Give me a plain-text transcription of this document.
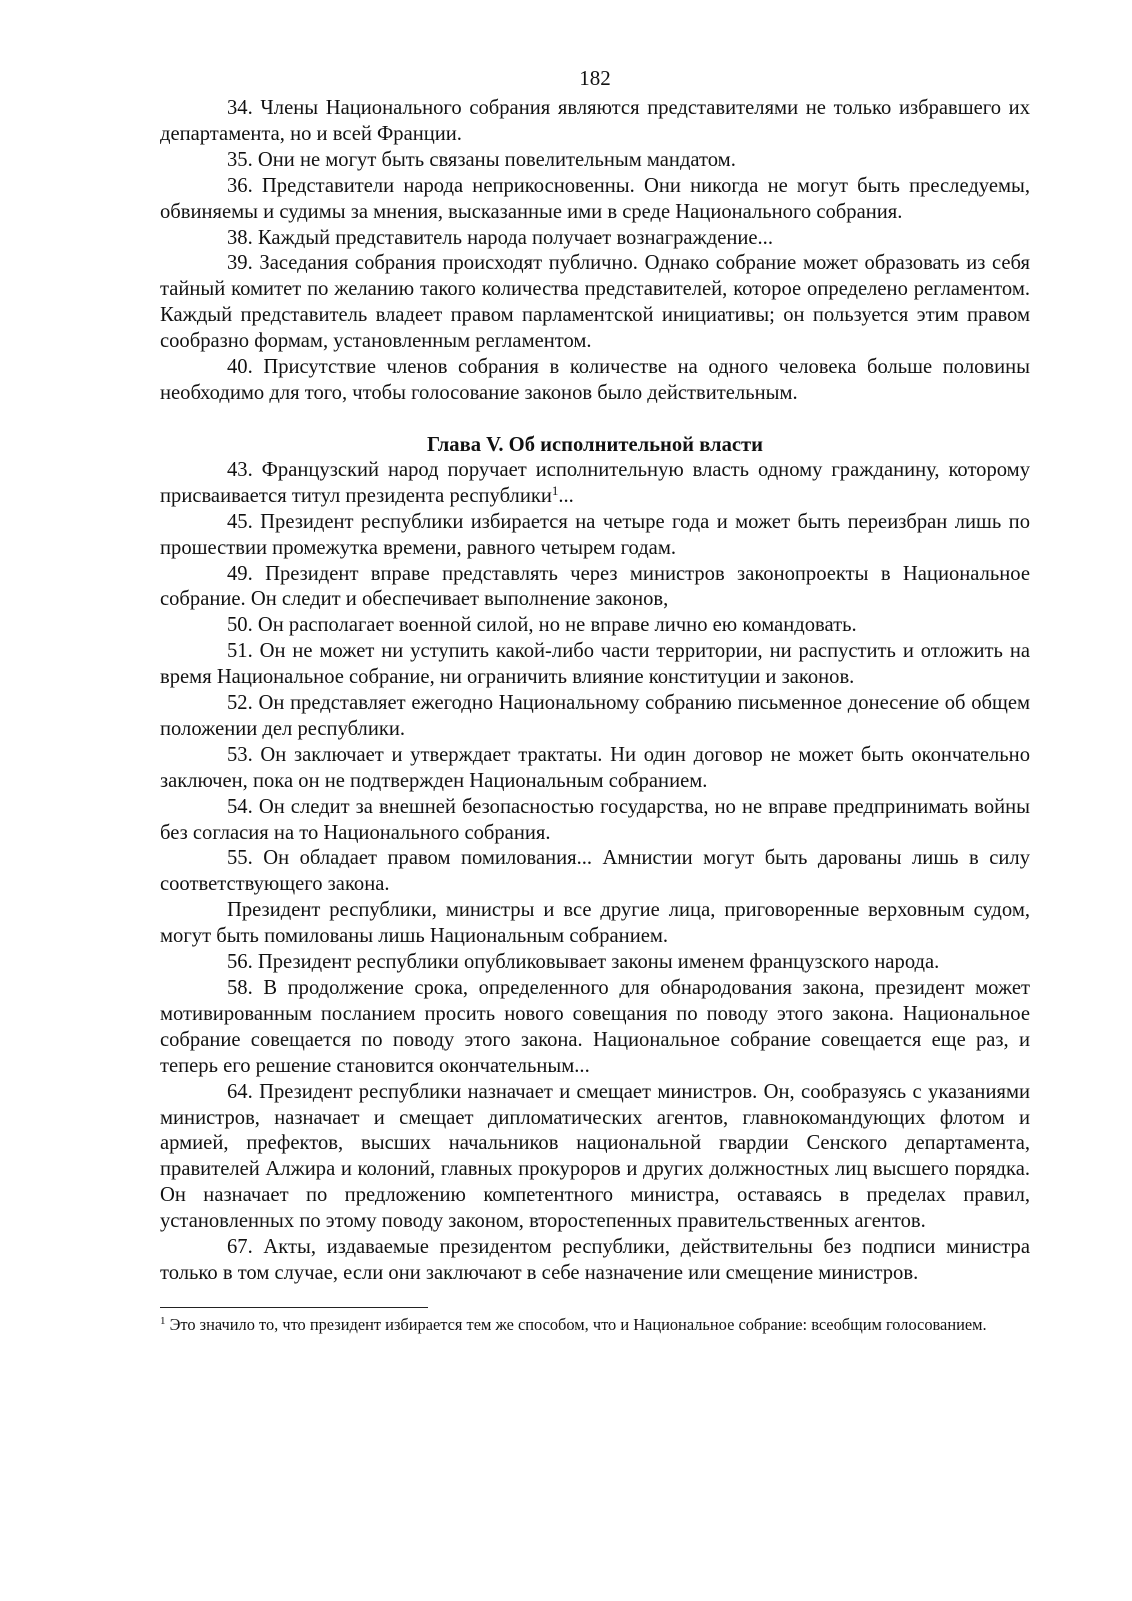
182

34. Члены Национального собрания являются представителями не только избравшего их департамента, но и всей Франции.

35. Они не могут быть связаны повелительным мандатом.

36. Представители народа неприкосновенны. Они никогда не могут быть преследуемы, обвиняемы и судимы за мнения, высказанные ими в среде Национального собрания.

38. Каждый представитель народа получает вознаграждение...

39. Заседания собрания происходят публично. Однако собрание может образовать из себя тайный комитет по желанию такого количества представителей, которое определено регламентом. Каждый представитель владеет правом парламентской инициативы; он пользуется этим правом сообразно формам, установленным регламентом.

40. Присутствие членов собрания в количестве на одного человека больше половины необходимо для того, чтобы голосование законов было действительным.

Глава V. Об исполнительной власти

43. Французский народ поручает исполнительную власть одному гражданину, которому присваивается титул президента республики$^1$...

45. Президент республики избирается на четыре года и может быть переизбран лишь по прошествии промежутка времени, равного четырем годам.

49. Президент вправе представлять через министров законопроекты в Национальное собрание. Он следит и обеспечивает выполнение законов,

50. Он располагает военной силой, но не вправе лично ею командовать.

51. Он не может ни уступить какой-либо части территории, ни распустить и отложить на время Национальное собрание, ни ограничить влияние конституции и законов.

52. Он представляет ежегодно Национальному собранию письменное донесение об общем положении дел республики.

53. Он заключает и утверждает трактаты. Ни один договор не может быть окончательно заключен, пока он не подтвержден Национальным собранием.

54. Он следит за внешней безопасностью государства, но не вправе предпринимать войны без согласия на то Национального собрания.

55. Он обладает правом помилования... Амнистии могут быть дарованы лишь в силу соответствующего закона.

Президент республики, министры и все другие лица, приговоренные верховным судом, могут быть помилованы лишь Национальным собранием.

56. Президент республики опубликовывает законы именем французского народа.

58. В продолжение срока, определенного для обнародования закона, президент может мотивированным посланием просить нового совещания по поводу этого закона. Национальное собрание совещается по поводу этого закона. Национальное собрание совещается еще раз, и теперь его решение становится окончательным...

64. Президент республики назначает и смещает министров. Он, сообразуясь с указаниями министров, назначает и смещает дипломатических агентов, главнокомандующих флотом и армией, префектов, высших начальников национальной гвардии Сенского департамента, правителей Алжира и колоний, главных прокуроров и других должностных лиц высшего порядка. Он назначает по предложению компетентного министра, оставаясь в пределах правил, установленных по этому поводу законом, второстепенных правительственных агентов.

67. Акты, издаваемые президентом республики, действительны без подписи министра только в том случае, если они заключают в себе назначение или смещение министров.

$^1$ Это значило то, что президент избирается тем же способом, что и Национальное собрание: всеобщим голосованием.
